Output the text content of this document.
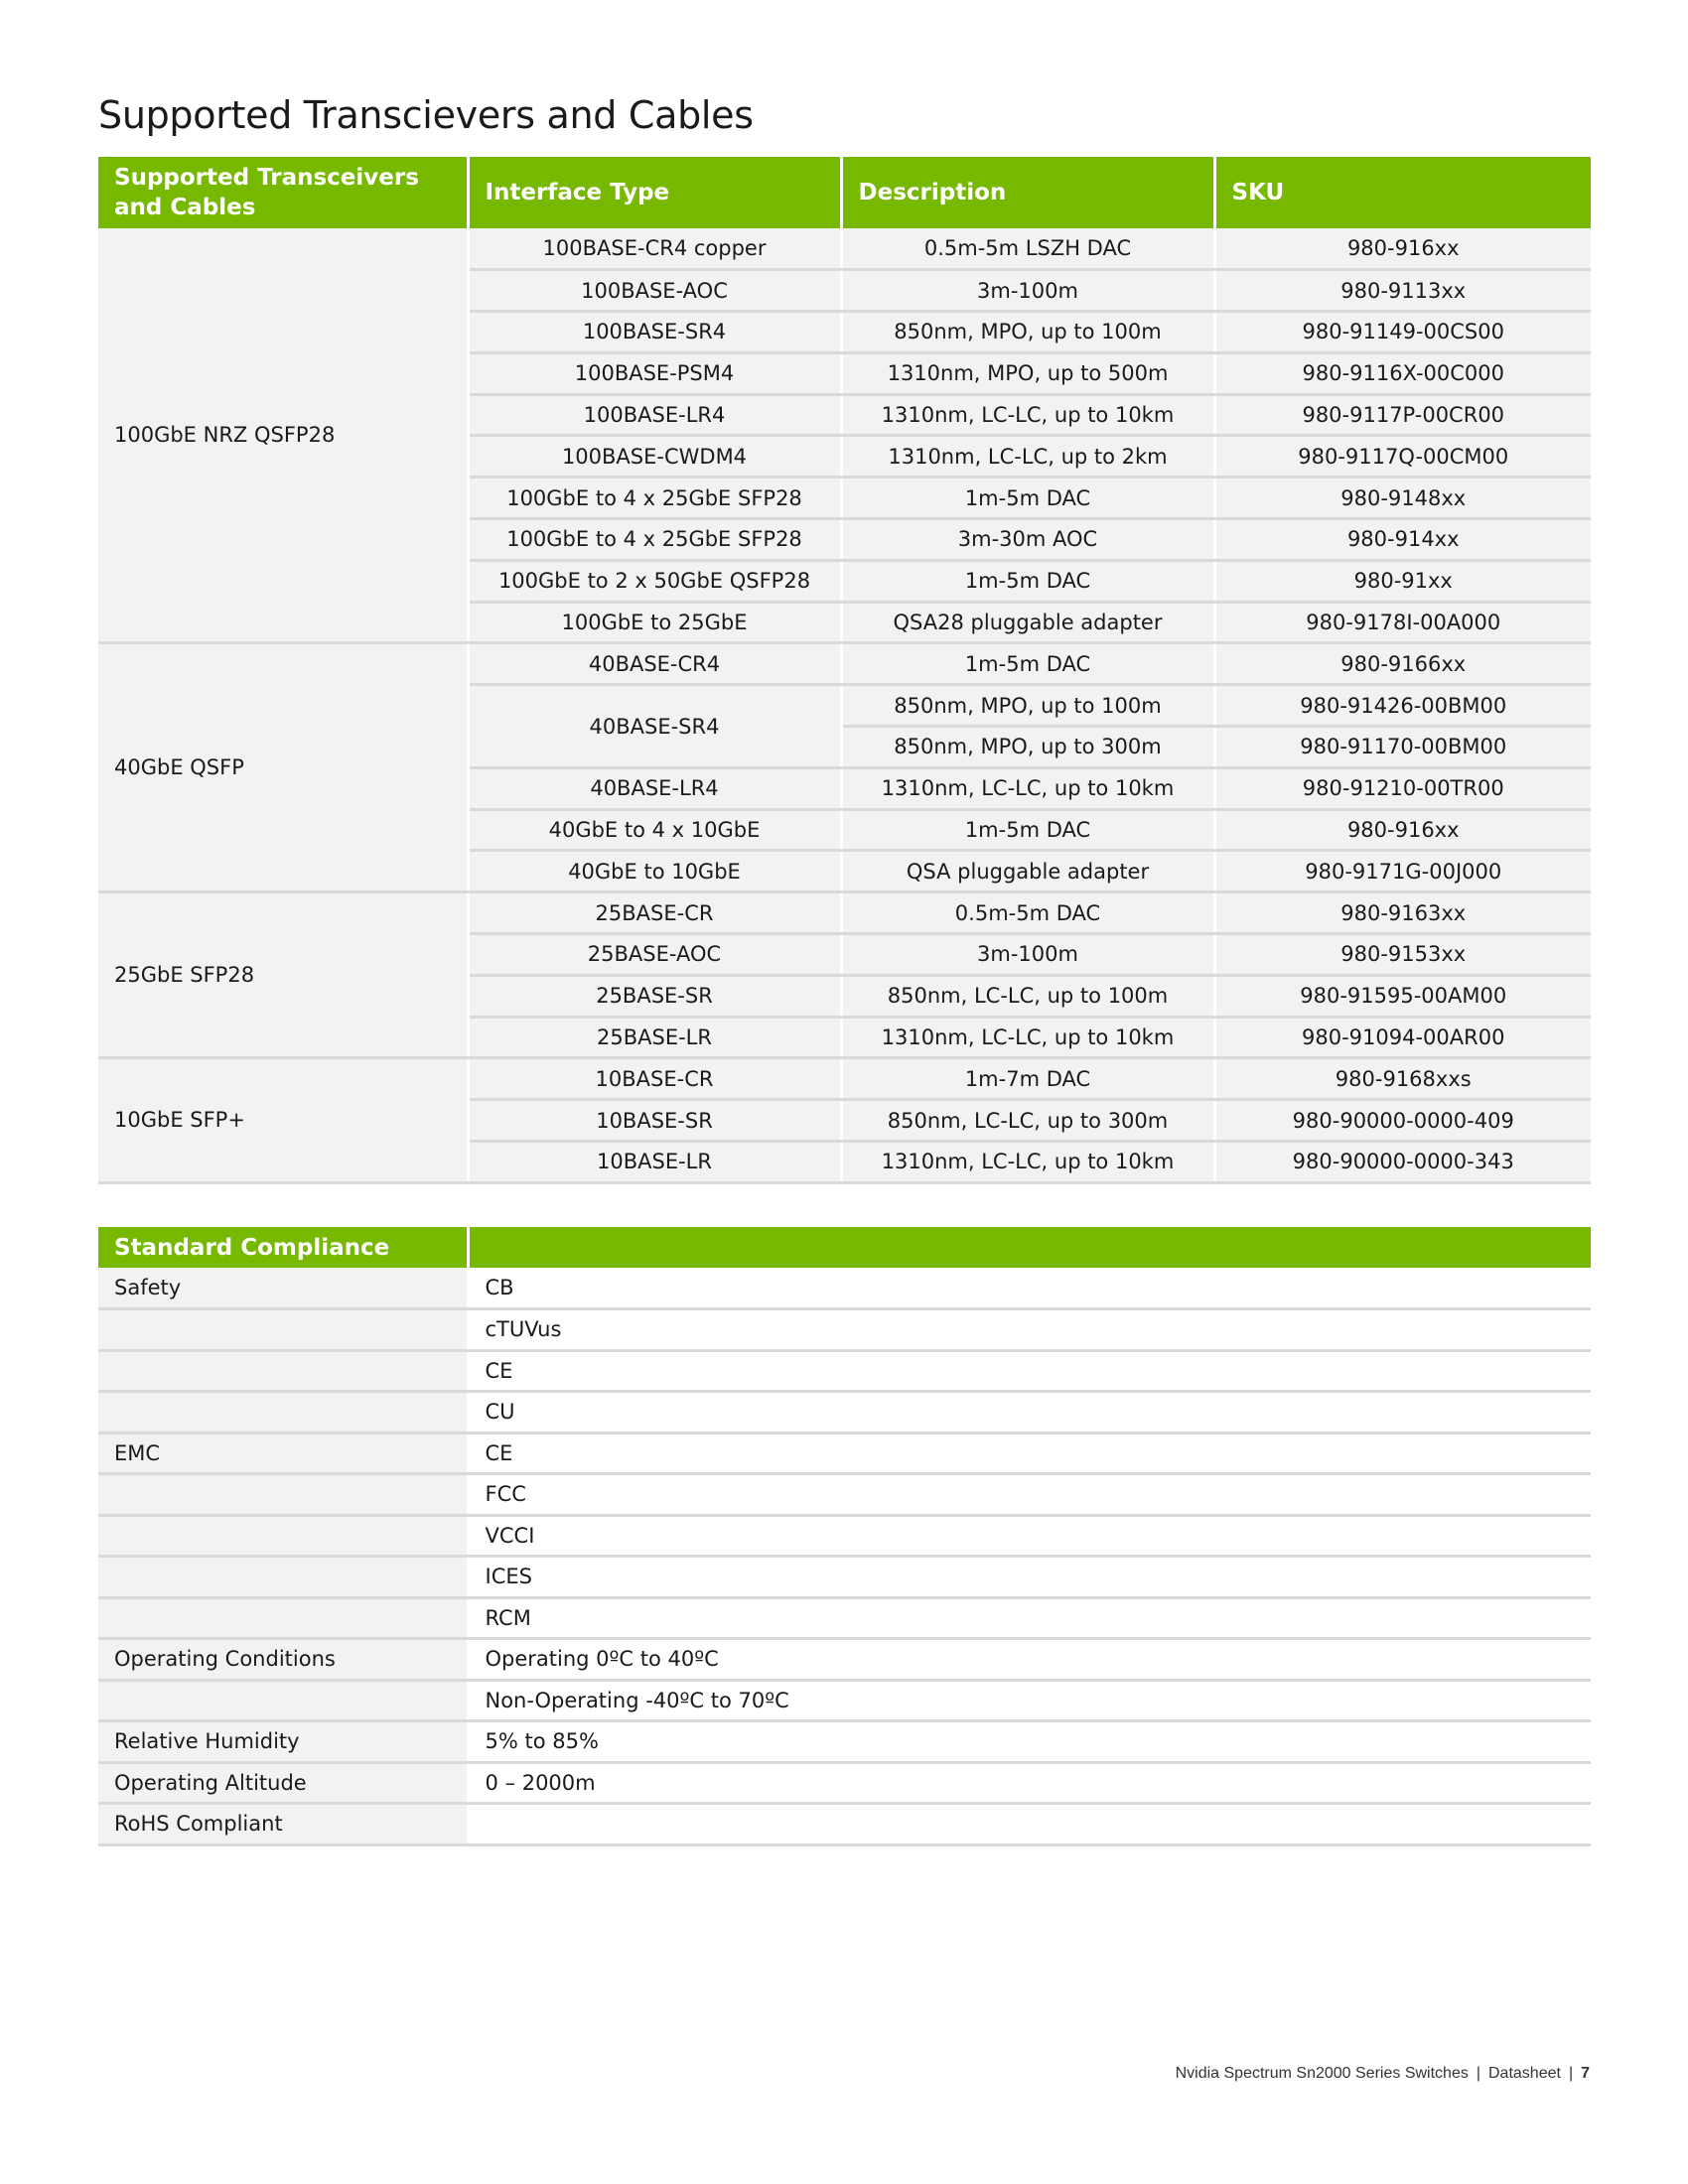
Supported Transcievers and Cables
Supported Transceivers and Cables	Interface Type	Description	SKU
100GbE NRZ QSFP28	100BASE-CR4 copper	0.5m-5m LSZH DAC	980-916xx
	100BASE-AOC	3m-100m	980-9113xx
	100BASE-SR4	850nm, MPO, up to 100m	980-91149-00CS00
	100BASE-PSM4	1310nm, MPO, up to 500m	980-9116X-00C000
	100BASE-LR4	1310nm, LC-LC, up to 10km	980-9117P-00CR00
	100BASE-CWDM4	1310nm, LC-LC, up to 2km	980-9117Q-00CM00
	100GbE to 4 x 25GbE SFP28	1m-5m DAC	980-9148xx
	100GbE to 4 x 25GbE SFP28	3m-30m AOC	980-914xx
	100GbE to 2 x 50GbE QSFP28	1m-5m DAC	980-91xx
	100GbE to 25GbE	QSA28 pluggable adapter	980-9178I-00A000
40GbE QSFP	40BASE-CR4	1m-5m DAC	980-9166xx
	40BASE-SR4	850nm, MPO, up to 100m	980-91426-00BM00
		850nm, MPO, up to 300m	980-91170-00BM00
	40BASE-LR4	1310nm, LC-LC, up to 10km	980-91210-00TR00
	40GbE to 4 x 10GbE	1m-5m DAC	980-916xx
	40GbE to 10GbE	QSA pluggable adapter	980-9171G-00J000
25GbE SFP28	25BASE-CR	0.5m-5m DAC	980-9163xx
	25BASE-AOC	3m-100m	980-9153xx
	25BASE-SR	850nm, LC-LC, up to 100m	980-91595-00AM00
	25BASE-LR	1310nm, LC-LC, up to 10km	980-91094-00AR00
10GbE SFP+	10BASE-CR	1m-7m DAC	980-9168xxs
	10BASE-SR	850nm, LC-LC, up to 300m	980-90000-0000-409
	10BASE-LR	1310nm, LC-LC, up to 10km	980-90000-0000-343
Standard Compliance	
Safety	CB
	cTUVus
	CE
	CU
EMC	CE
	FCC
	VCCI
	ICES
	RCM
Operating Conditions	Operating 0ºC to 40ºC
	Non-Operating -40ºC to 70ºC
Relative Humidity	5% to 85%
Operating Altitude	0 – 2000m
RoHS Compliant	
Nvidia Spectrum Sn2000 Series Switches | Datasheet | 7
